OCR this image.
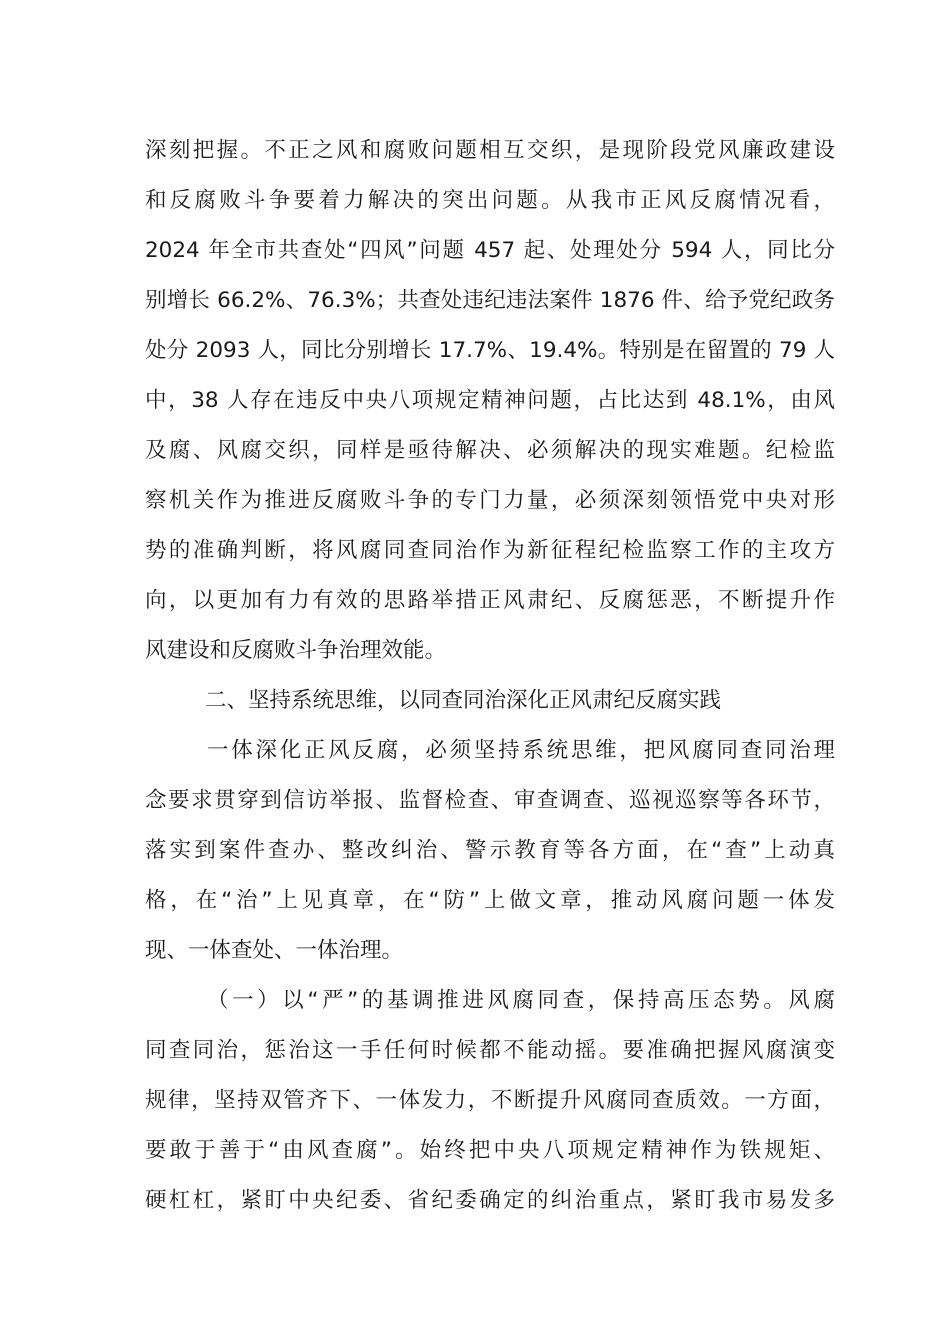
深刻把握。不正之风和腐败问题相互交织，是现阶段党风廉政建设
和反腐败斗争要着力解决的突出问题。从我市正风反腐情况看，
2024 年全市共查处“四风”问题 457 起、处理处分 594 人，同比分
别增长 66.2%、76.3%；共查处违纪违法案件 1876 件、给予党纪政务
处分 2093 人，同比分别增长 17.7%、19.4%。特别是在留置的 79 人
中，38 人存在违反中央八项规定精神问题，占比达到 48.1%，由风
及腐、风腐交织，同样是亟待解决、必须解决的现实难题。纪检监
察机关作为推进反腐败斗争的专门力量，必须深刻领悟党中央对形
势的准确判断，将风腐同查同治作为新征程纪检监察工作的主攻方
向，以更加有力有效的思路举措正风肃纪、反腐惩恶，不断提升作
风建设和反腐败斗争治理效能。
二、坚持系统思维，以同查同治深化正风肃纪反腐实践
一体深化正风反腐，必须坚持系统思维，把风腐同查同治理
念要求贯穿到信访举报、监督检查、审查调查、巡视巡察等各环节，
落实到案件查办、整改纠治、警示教育等各方面，在“查”上动真
格，在“治”上见真章，在“防”上做文章，推动风腐问题一体发
现、一体查处、一体治理。
（一）以“严”的基调推进风腐同查，保持高压态势。风腐
同查同治，惩治这一手任何时候都不能动摇。要准确把握风腐演变
规律，坚持双管齐下、一体发力，不断提升风腐同查质效。一方面，
要敢于善于“由风查腐”。始终把中央八项规定精神作为铁规矩、
硬杠杠，紧盯中央纪委、省纪委确定的纠治重点，紧盯我市易发多
